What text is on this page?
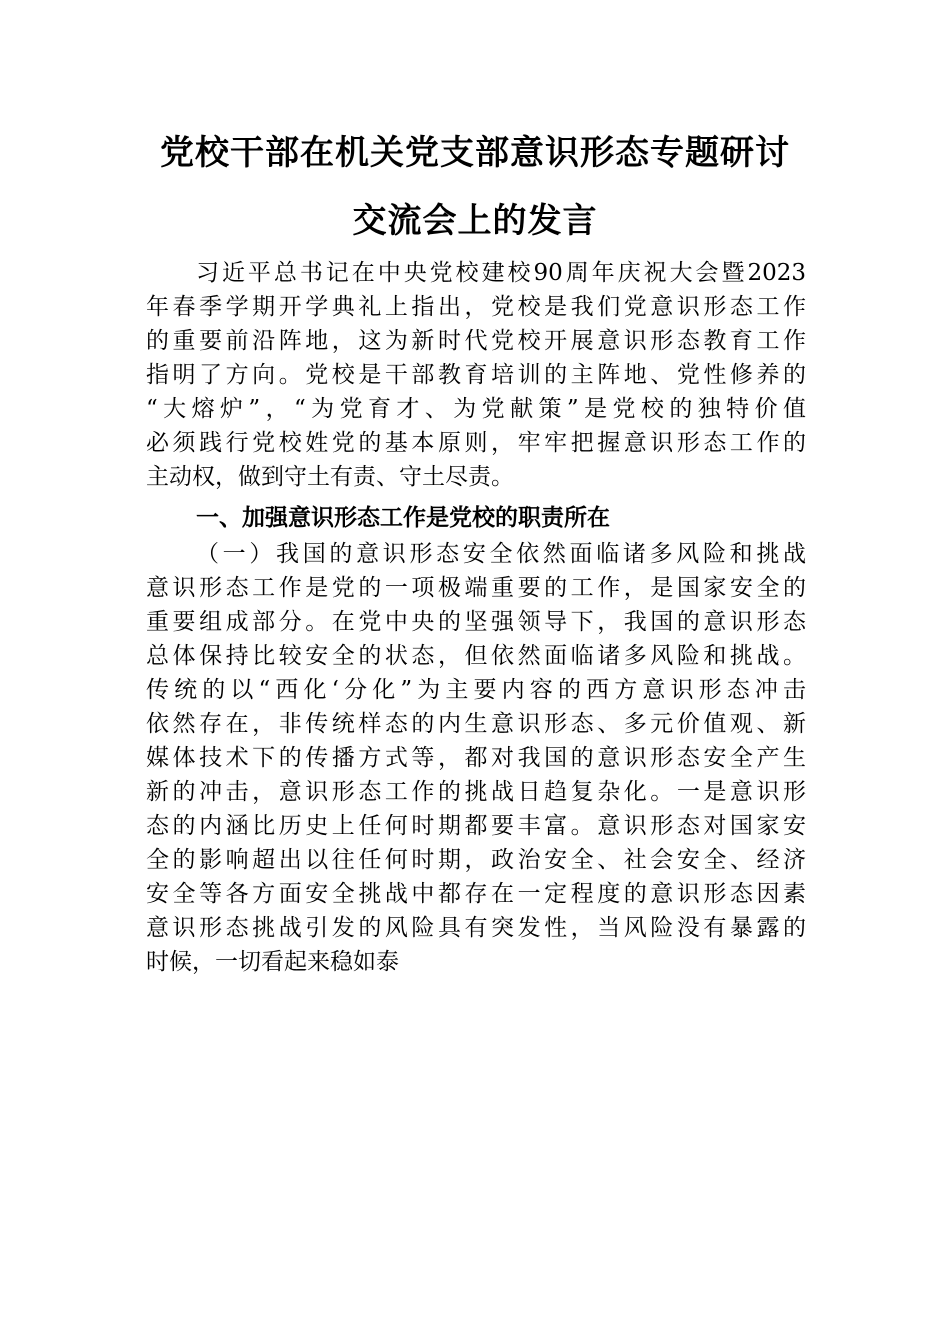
党校干部在机关党支部意识形态专题研讨
交流会上的发言
习近平总书记在中央党校建校90周年庆祝大会暨2023
年春季学期开学典礼上指出，党校是我们党意识形态工作
的重要前沿阵地，这为新时代党校开展意识形态教育工作
指明了方向。党校是干部教育培训的主阵地、党性修养的
“大熔炉”，“为党育才、为党献策”是党校的独特价值
必须践行党校姓党的基本原则，牢牢把握意识形态工作的
主动权，做到守土有责、守土尽责。
一、加强意识形态工作是党校的职责所在
（一）我国的意识形态安全依然面临诸多风险和挑战
意识形态工作是党的一项极端重要的工作，是国家安全的
重要组成部分。在党中央的坚强领导下，我国的意识形态
总体保持比较安全的状态，但依然面临诸多风险和挑战。
传统的以“西化‘分化”为主要内容的西方意识形态冲击
依然存在，非传统样态的内生意识形态、多元价值观、新
媒体技术下的传播方式等，都对我国的意识形态安全产生
新的冲击，意识形态工作的挑战日趋复杂化。一是意识形
态的内涵比历史上任何时期都要丰富。意识形态对国家安
全的影响超出以往任何时期，政治安全、社会安全、经济
安全等各方面安全挑战中都存在一定程度的意识形态因素
意识形态挑战引发的风险具有突发性，当风险没有暴露的
时候，一切看起来稳如泰
